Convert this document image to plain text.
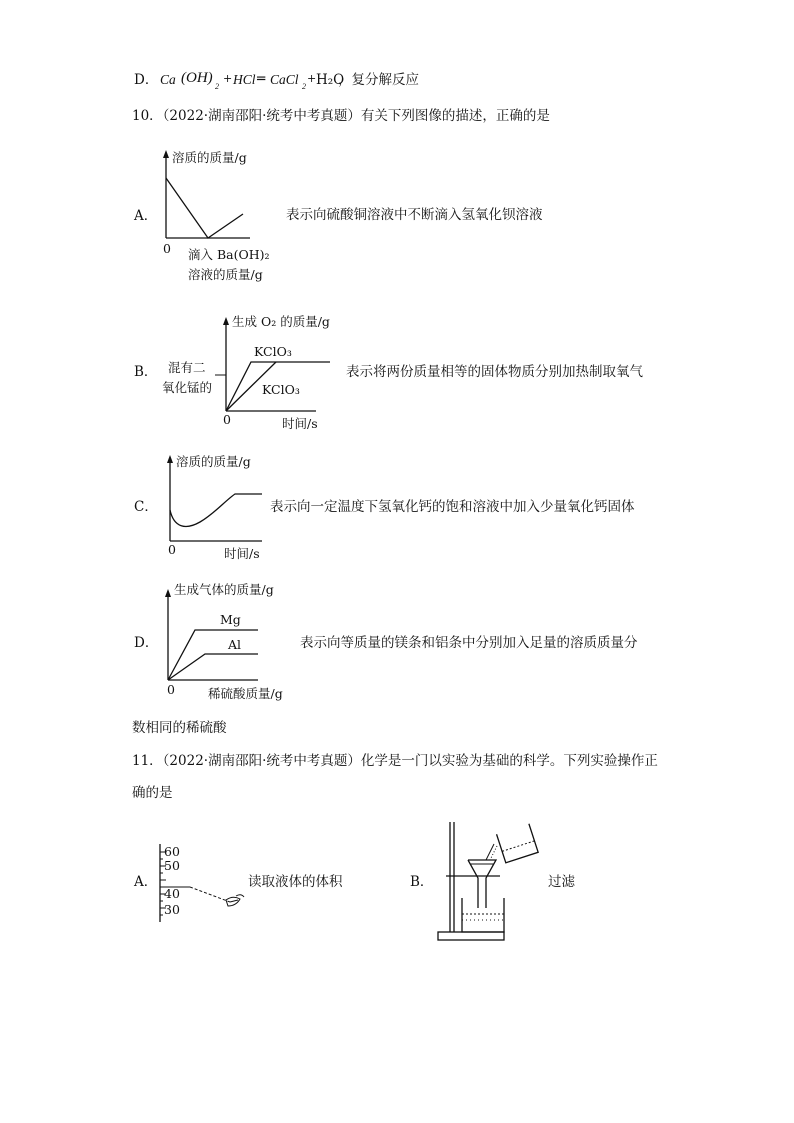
D． Ca (OH)
2
+ HCl ═ CaCl 2
+ H₂O
，复分解反应
10．（2022·湖南邵阳·统考中考真题）有关下列图像的描述，正确的是
A．
溶质的质量/g
0 滴入 Ba(OH)₂
溶液的质量/g
表示向硫酸铜溶液中不断滴入氢氧化钡溶液
B．
生成 O₂ 的质量/g
混有二
氧化锰的
KClO₃
KClO₃
0	时间/s
表示将两份质量相等的固体物质分别加热制取氧气
C．
溶质的质量/g
0	时间/s
表示向一定温度下氢氧化钙的饱和溶液中加入少量氧化钙固体
D．
生成气体的质量/g
Mg
Al
0	稀硫酸质量/g
表示向等质量的镁条和铝条中分别加入足量的溶质质量分
数相同的稀硫酸
11．（2022·湖南邵阳·统考中考真题）化学是一门以实验为基础的科学。下列实验操作正
确的是
A．
60
50
40
30
读取液体的体积	B．	过滤
